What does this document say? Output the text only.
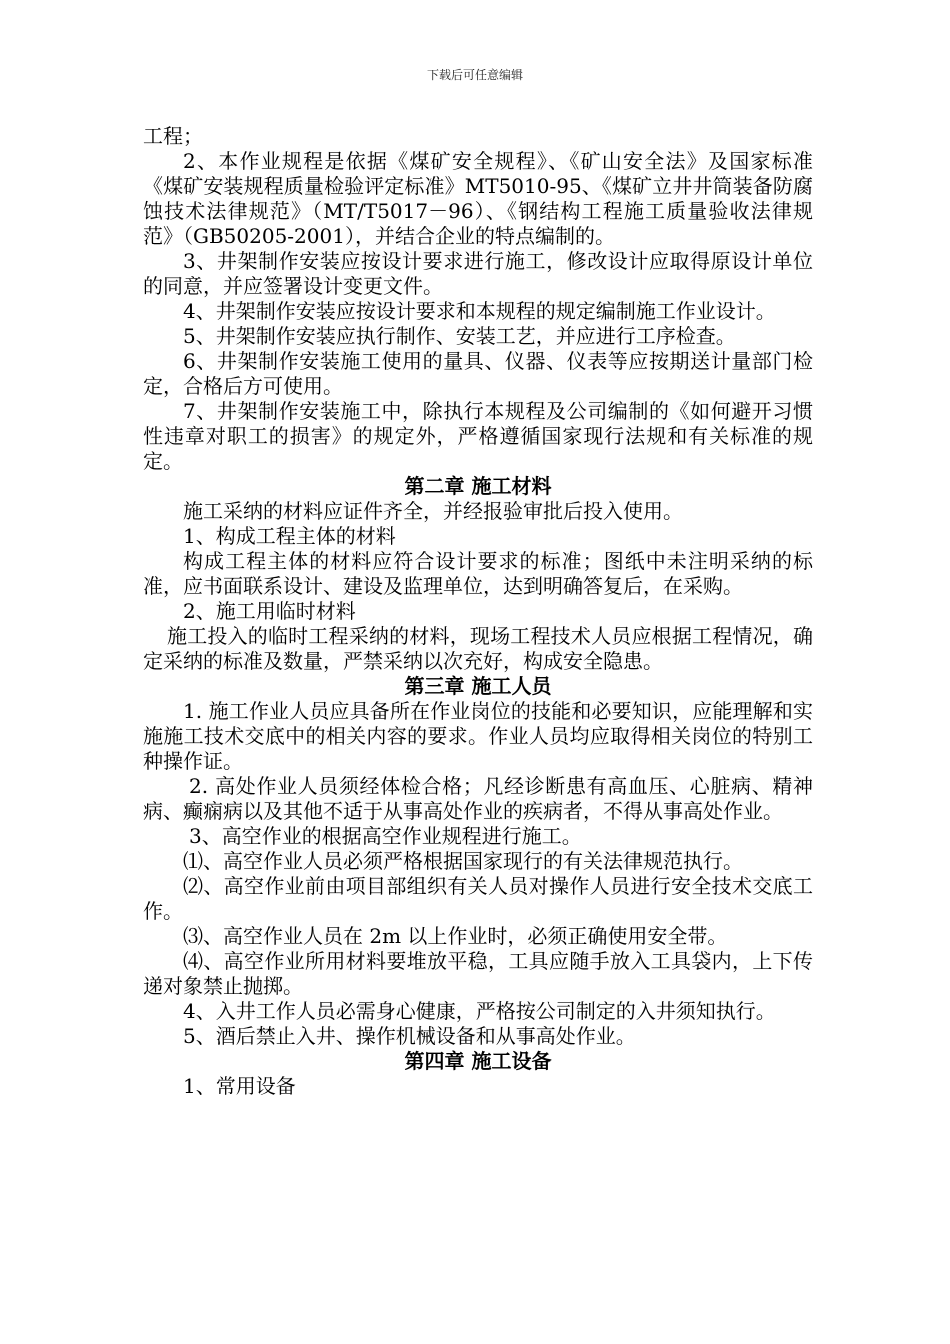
下载后可任意编辑

工程；

2、本作业规程是依据《煤矿安全规程》、《矿山安全法》及国家标准《煤矿安装规程质量检验评定标准》MT5010-95、《煤矿立井井筒装备防腐蚀技术法律规范》（MT/T5017－96）、《钢结构工程施工质量验收法律规范》（GB50205-2001），并结合企业的特点编制的。

3、井架制作安装应按设计要求进行施工，修改设计应取得原设计单位的同意，并应签署设计变更文件。

4、井架制作安装应按设计要求和本规程的规定编制施工作业设计。

5、井架制作安装应执行制作、安装工艺，并应进行工序检查。

6、井架制作安装施工使用的量具、仪器、仪表等应按期送计量部门检定，合格后方可使用。

7、井架制作安装施工中，除执行本规程及公司编制的《如何避开习惯性违章对职工的损害》的规定外，严格遵循国家现行法规和有关标准的规定。

第二章 施工材料

施工采纳的材料应证件齐全，并经报验审批后投入使用。

1、构成工程主体的材料

构成工程主体的材料应符合设计要求的标准；图纸中未注明采纳的标准，应书面联系设计、建设及监理单位，达到明确答复后，在采购。

2、施工用临时材料

施工投入的临时工程采纳的材料，现场工程技术人员应根据工程情况，确定采纳的标准及数量，严禁采纳以次充好，构成安全隐患。

第三章 施工人员

1. 施工作业人员应具备所在作业岗位的技能和必要知识，应能理解和实施施工技术交底中的相关内容的要求。作业人员均应取得相关岗位的特别工种操作证。

2. 高处作业人员须经体检合格；凡经诊断患有高血压、心脏病、精神病、癫痫病以及其他不适于从事高处作业的疾病者，不得从事高处作业。

3、高空作业的根据高空作业规程进行施工。

⑴、高空作业人员必须严格根据国家现行的有关法律规范执行。

⑵、高空作业前由项目部组织有关人员对操作人员进行安全技术交底工作。

⑶、高空作业人员在 2m 以上作业时，必须正确使用安全带。

⑷、高空作业所用材料要堆放平稳，工具应随手放入工具袋内，上下传递对象禁止抛掷。

4、入井工作人员必需身心健康，严格按公司制定的入井须知执行。

5、酒后禁止入井、操作机械设备和从事高处作业。

第四章 施工设备

1、常用设备
